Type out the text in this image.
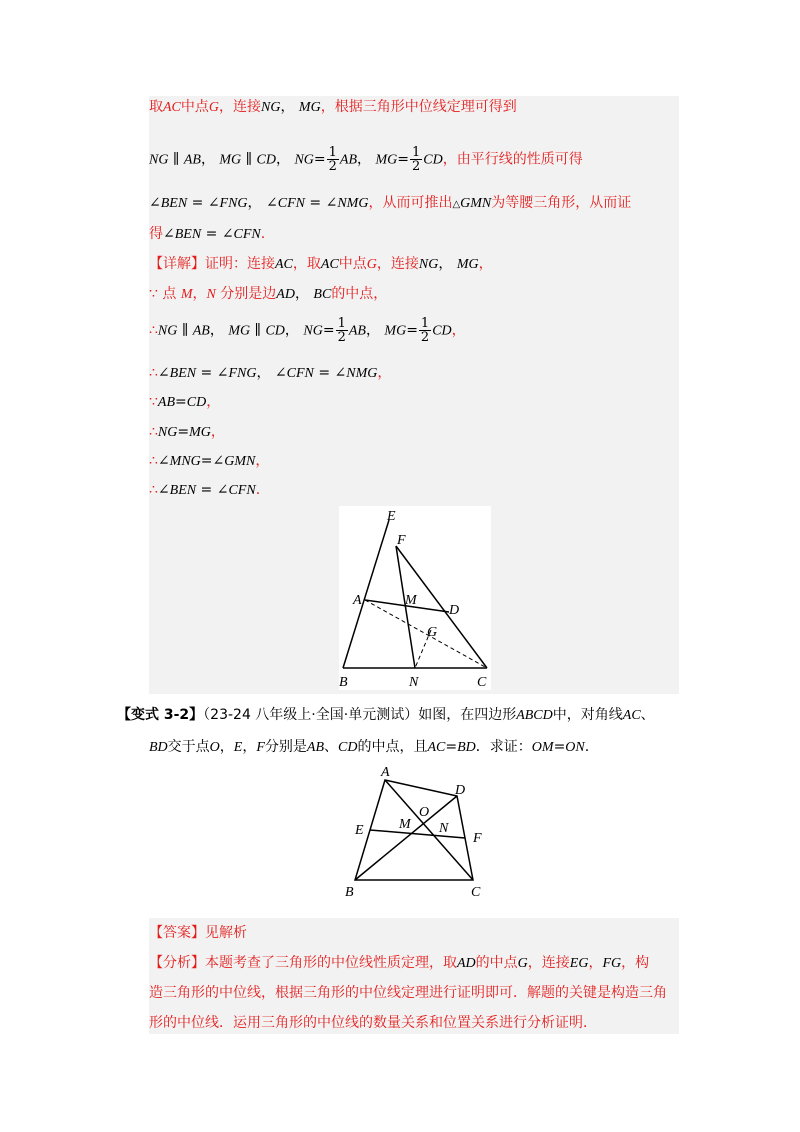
取AC中点G，连接NG， MG，根据三角形中位线定理可得到
NG ∥ AB， MG ∥ CD， $NG= \frac{1}{2}$ AB， $MG= \frac{1}{2}$ CD，由平行线的性质可得
∠BEN = ∠FNG， ∠CFN = ∠NMG，从而可推出△GMN为等腰三角形，从而证
得∠BEN = ∠CFN.
【详解】证明：连接AC，取AC中点G，连接NG， MG，
∵ 点 M，N 分别是边AD， BC的中点，
∴NG ∥ AB， MG ∥ CD， $NG= \frac{1}{2}$ AB， $MG= \frac{1}{2}$ CD，
∴∠BEN = ∠FNG， ∠CFN = ∠NMG，
∵AB=CD，
∴NG=MG，
∴∠MNG=∠GMN，
∴∠BEN = ∠CFN.
E
F
A	M
D
G
B	N	C
【变式 3-2】（23-24 八年级上·全国·单元测试）如图，在四边形ABCD中，对角线AC、
BD交于点O，E，F分别是AB、CD的中点，且AC=BD．求证：OM=ON.
A
D
O
E	M N
F
B	C
【答案】见解析
【分析】本题考查了三角形的中位线性质定理，取AD的中点G，连接EG，FG，构
造三角形的中位线，根据三角形的中位线定理进行证明即可．解题的关键是构造三角
形的中位线．运用三角形的中位线的数量关系和位置关系进行分析证明．
